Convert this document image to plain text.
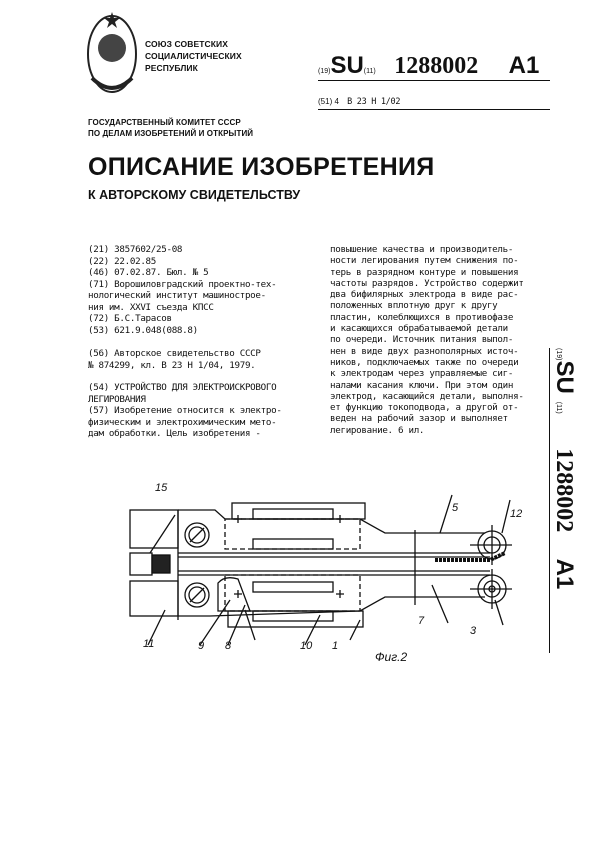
СОЮЗ СОВЕТСКИХ
СОЦИАЛИСТИЧЕСКИХ
РЕСПУБЛИК	(19)SU(11) 1288002 A1
(51) 4 В 23 Н 1/02
ГОСУДАРСТВЕННЫЙ КОМИТЕТ СССР
ПО ДЕЛАМ ИЗОБРЕТЕНИЙ И ОТКРЫТИЙ
ОПИСАНИЕ ИЗОБРЕТЕНИЯ
К АВТОРСКОМУ СВИДЕТЕЛЬСТВУ
(21) 3857602/25-08
(22) 22.02.85
(46) 07.02.87. Бюл. № 5
(71) Ворошиловградский проектно-тех-
нологический институт машинострое-
ния им. XXVI съезда КПСС
(72) Б.С.Тарасов
(53) 621.9.048(088.8)
(56) Авторское свидетельство СССР
№ 874299, кл. В 23 Н 1/04, 1979.
(54) УСТРОЙСТВО ДЛЯ ЭЛЕКТРОИСКРОВОГО
ЛЕГИРОВАНИЯ
(57) Изобретение относится к электро-
физическим и электрохимическим мето-
дам обработки. Цель изобретения -
повышение качества и производитель-
ности легирования путем снижения по-
терь в разрядном контуре и повышения
частоты разрядов. Устройство содержит
два бифилярных электрода в виде рас-
положенных вплотную друг к другу
пластин, колеблющихся в противофазе
и касающихся обрабатываемой детали
по очереди. Источник питания выпол-
нен в виде двух разнополярных источ-
ников, подключаемых также по очереди
к электродам через управляемые сиг-
налами касания ключи. При этом один
электрод, касающийся детали, выполня-
ет функцию токоподвода, а другой от-
веден на рабочий зазор и выполняет
легирование. 6 ил.
15
5	12
11	9 8	10 1
7
3
Фиг.2
(19)SU(11) 1288002 A1
